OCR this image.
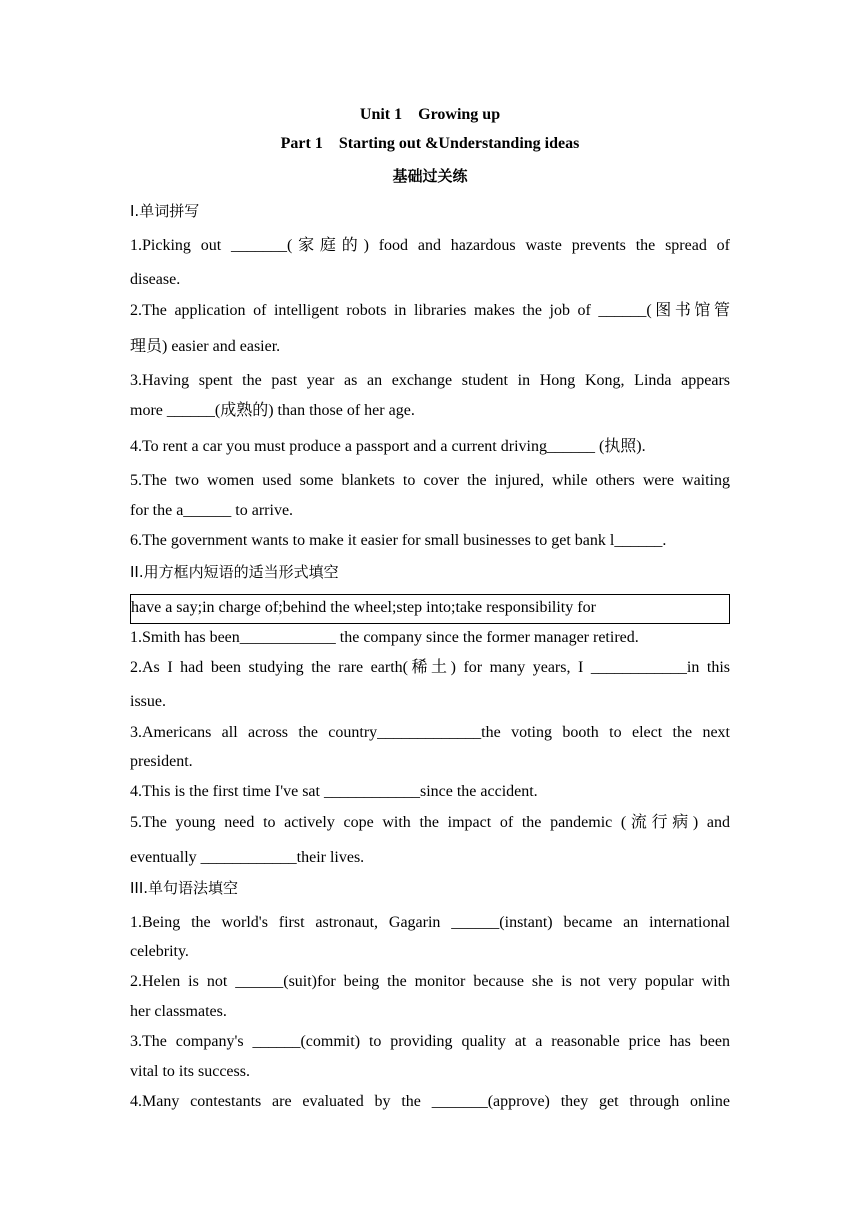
Unit 1    Growing up
Part 1    Starting out &Understanding ideas
基础过关练
I.单词拼写
1.Picking out _______(家庭的) food and hazardous waste prevents the spread of
disease.
2.The application of intelligent robots in libraries makes the job of ______(图书馆管
理员) easier and easier.
3.Having spent the past year as an exchange student in Hong Kong, Linda appears
more ______(成熟的) than those of her age.
4.To rent a car you must produce a passport and a current driving______ (执照).
5.The two women used some blankets to cover the injured, while others were waiting
for the a______ to arrive.
6.The government wants to make it easier for small businesses to get bank l______.
II.用方框内短语的适当形式填空
have a say;in charge of;behind the wheel;step into;take responsibility for
1.Smith has been____________ the company since the former manager retired.
2.As I had been studying the rare earth(稀土) for many years, I ____________in this
issue.
3.Americans all across the country_____________the voting booth to elect the next
president.
4.This is the first time I've sat ____________since the accident.
5.The young need to actively cope with the impact of the pandemic (流行病) and
eventually ____________their lives.
III.单句语法填空
1.Being the world's first astronaut, Gagarin ______(instant) became an international
celebrity.
2.Helen is not ______(suit)for being the monitor because she is not very popular with
her classmates.
3.The company's ______(commit) to providing quality at a reasonable price has been
vital to its success.
4.Many contestants are evaluated by the _______(approve) they get through online
